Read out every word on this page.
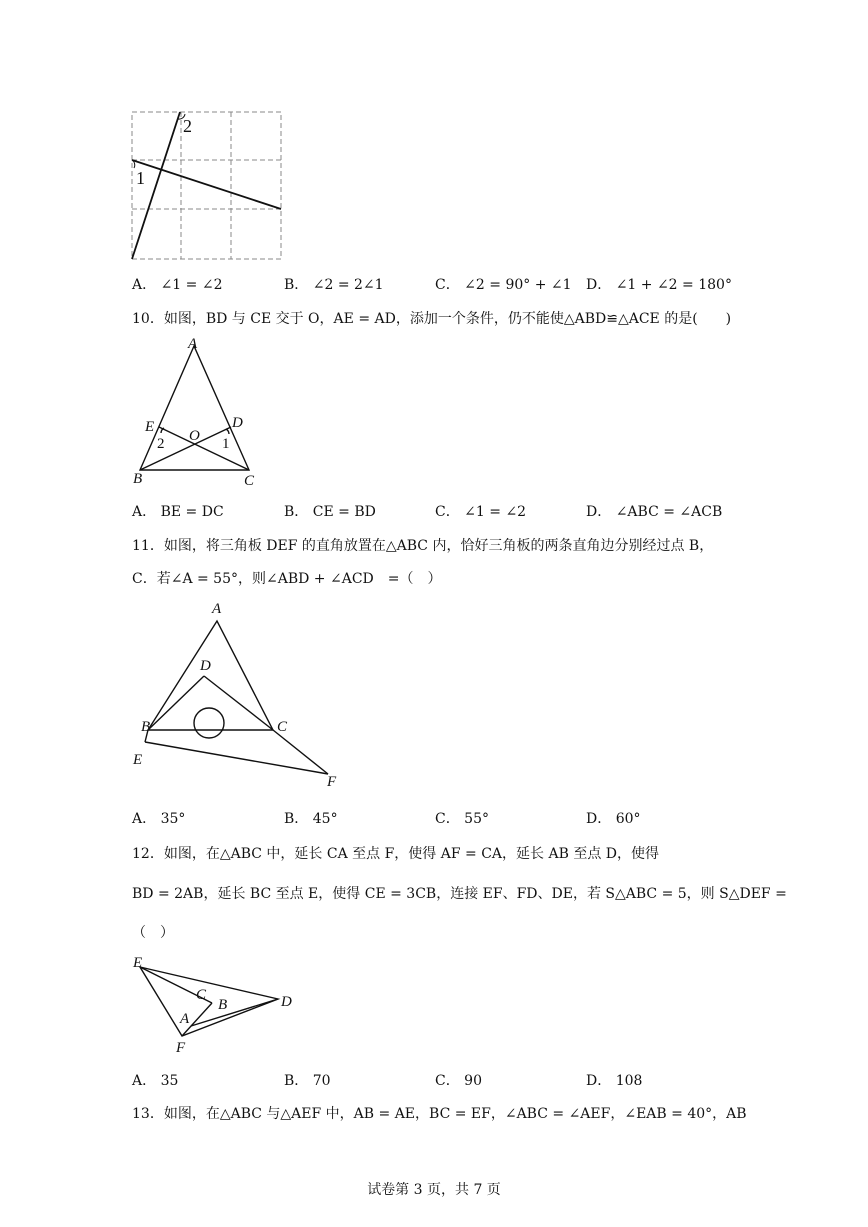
1
2
A． ∠1 = ∠2	B． ∠2 = 2∠1	C． ∠2 = 90° + ∠1 D． ∠1 + ∠2 = 180°
10．如图，BD 与 CE 交于 O，AE = AD，添加一个条件，仍不能使△ABD≌△ACE 的是(　　)
A
E	D
O
2	1
B	C
A． BE = DC	B． CE = BD	C． ∠1 = ∠2	D． ∠ABC = ∠ACB
11．如图，将三角板 DEF 的直角放置在△ABC 内，恰好三角板的两条直角边分别经过点 B，
C．若∠A = 55°，则∠ABD + ∠ACD　=（　）
A
D
B	C
E
F
A． 35°	B． 45°	C． 55°	D． 60°
12．如图，在△ABC 中，延长 CA 至点 F，使得 AF = CA，延长 AB 至点 D，使得
BD = 2AB，延长 BC 至点 E，使得 CE = 3CB，连接 EF、FD、DE，若 S△ABC = 5，则 S△DEF =
（　）
E
C
B
A
D
F
A． 35	B． 70	C． 90	D． 108
13．如图，在△ABC 与△AEF 中，AB = AE，BC = EF，∠ABC = ∠AEF，∠EAB = 40°，AB
试卷第 3 页，共 7 页
